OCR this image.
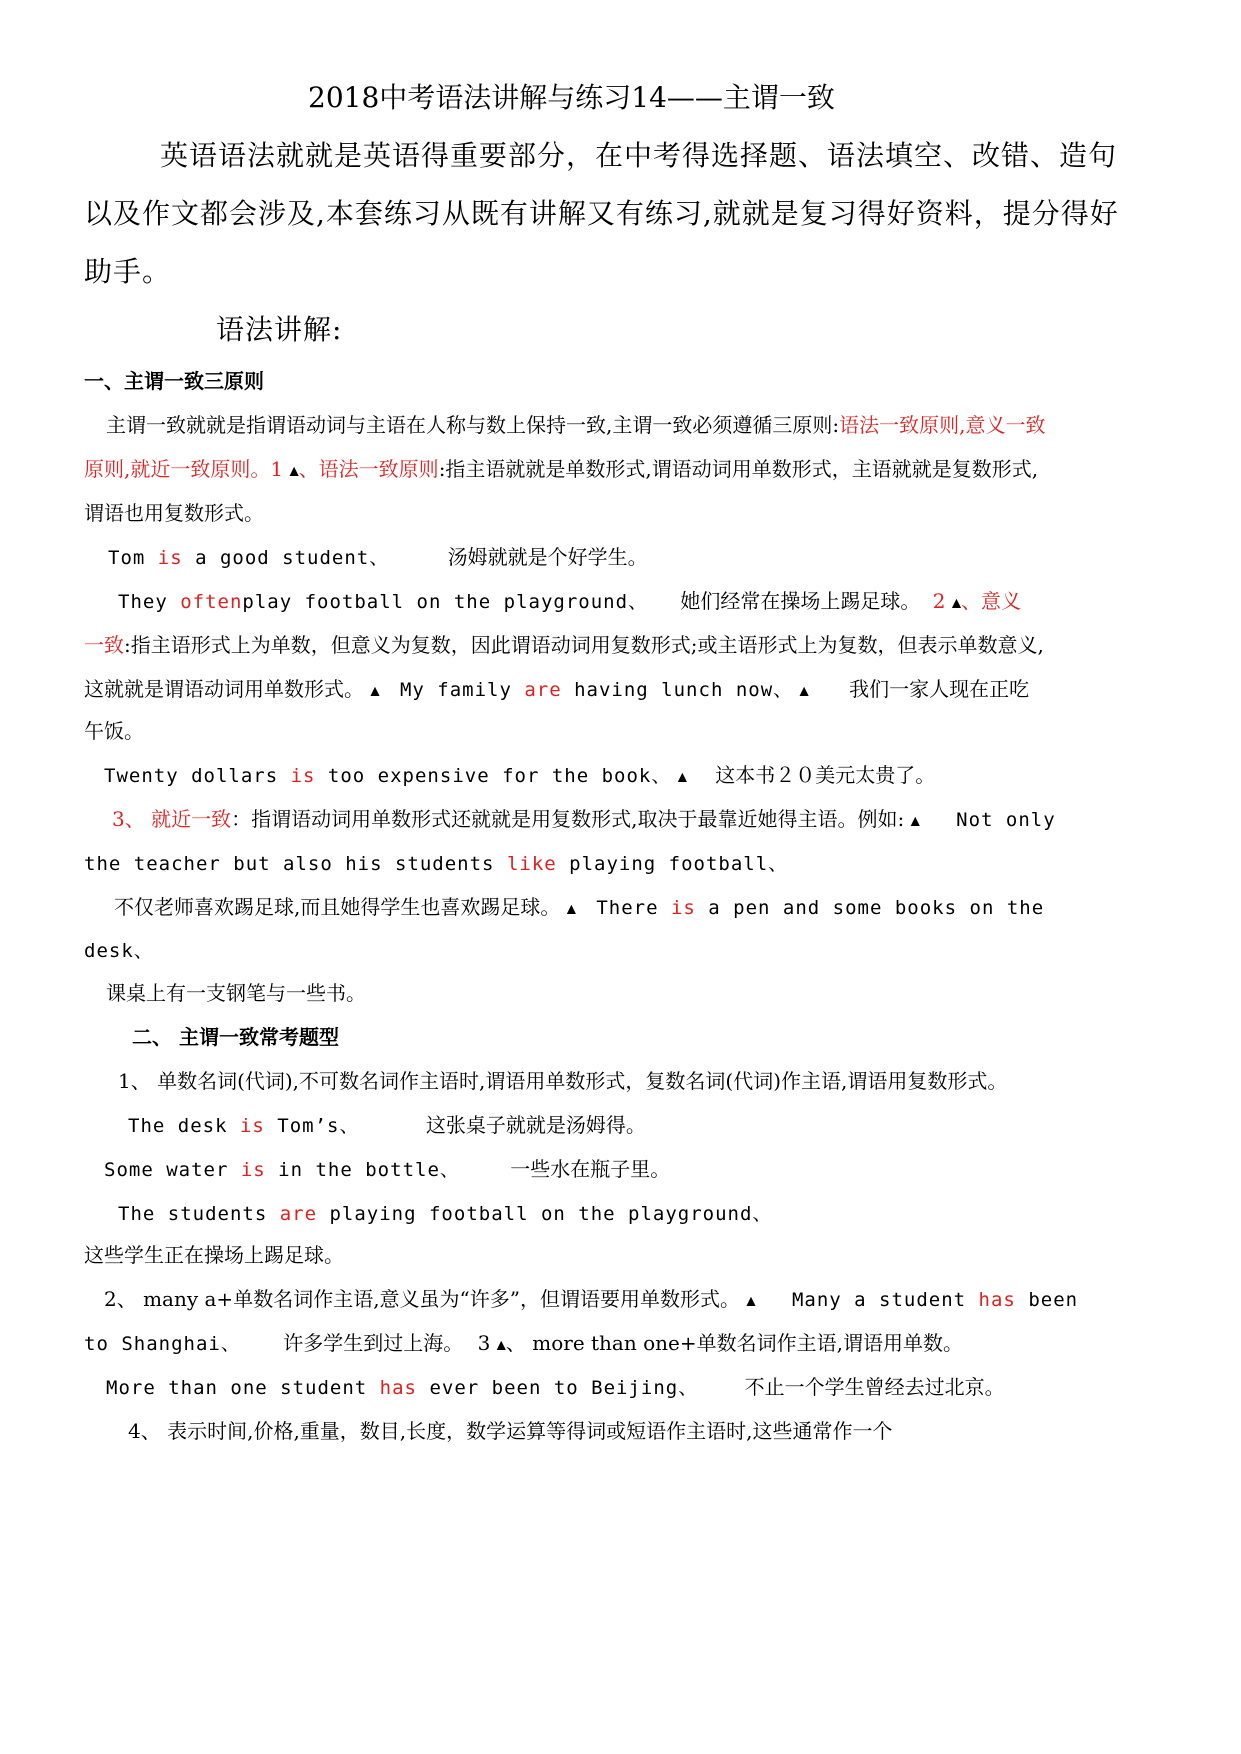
2018中考语法讲解与练习14——主谓一致
英语语法就就是英语得重要部分，在中考得选择题、语法填空、改错、造句
以及作文都会涉及,本套练习从既有讲解又有练习,就就是复习得好资料，提分得好
助手。
语法讲解:
一、主谓一致三原则
主谓一致就就是指谓语动词与主语在人称与数上保持一致,主谓一致必须遵循三原则:语法一致原则,意义一致
原则,就近一致原则。1 ▲、语法一致原则:指主语就就是单数形式,谓语动词用单数形式，主语就就是复数形式,
谓语也用复数形式。
Tom is a good student、	汤姆就就是个好学生。
They oftenplay football on the playground、 她们经常在操场上踢足球。 2 ▲、意义
一致:指主语形式上为单数，但意义为复数，因此谓语动词用复数形式;或主语形式上为复数，但表示单数意义,
这就就是谓语动词用单数形式。 ▲ My family are having lunch now、 ▲ 我们一家人现在正吃
午饭。
Twenty dollars is too expensive for the book、 ▲ 这本书２０美元太贵了。
3、 就近一致：指谓语动词用单数形式还就就是用复数形式,取决于最靠近她得主语。例如: ▲ Not only
the teacher but also his students like playing football、
不仅老师喜欢踢足球,而且她得学生也喜欢踢足球。 ▲ There is a pen and some books on the
desk、
课桌上有一支钢笔与一些书。
二、 主谓一致常考题型
1、 单数名词(代词),不可数名词作主语时,谓语用单数形式，复数名词(代词)作主语,谓语用复数形式。
The desk is Tom’s、	这张桌子就就是汤姆得。
Some water is in the bottle、	一些水在瓶子里。
The students are playing football on the playground、
这些学生正在操场上踢足球。
2、 many a+单数名词作主语,意义虽为“许多”，但谓语要用单数形式。 ▲ Many a student has been
to Shanghai、 许多学生到过上海。 3 ▲、 more than one+单数名词作主语,谓语用单数。
More than one student has ever been to Beijing、 不止一个学生曾经去过北京。
4、 表示时间,价格,重量，数目,长度，数学运算等得词或短语作主语时,这些通常作一个
